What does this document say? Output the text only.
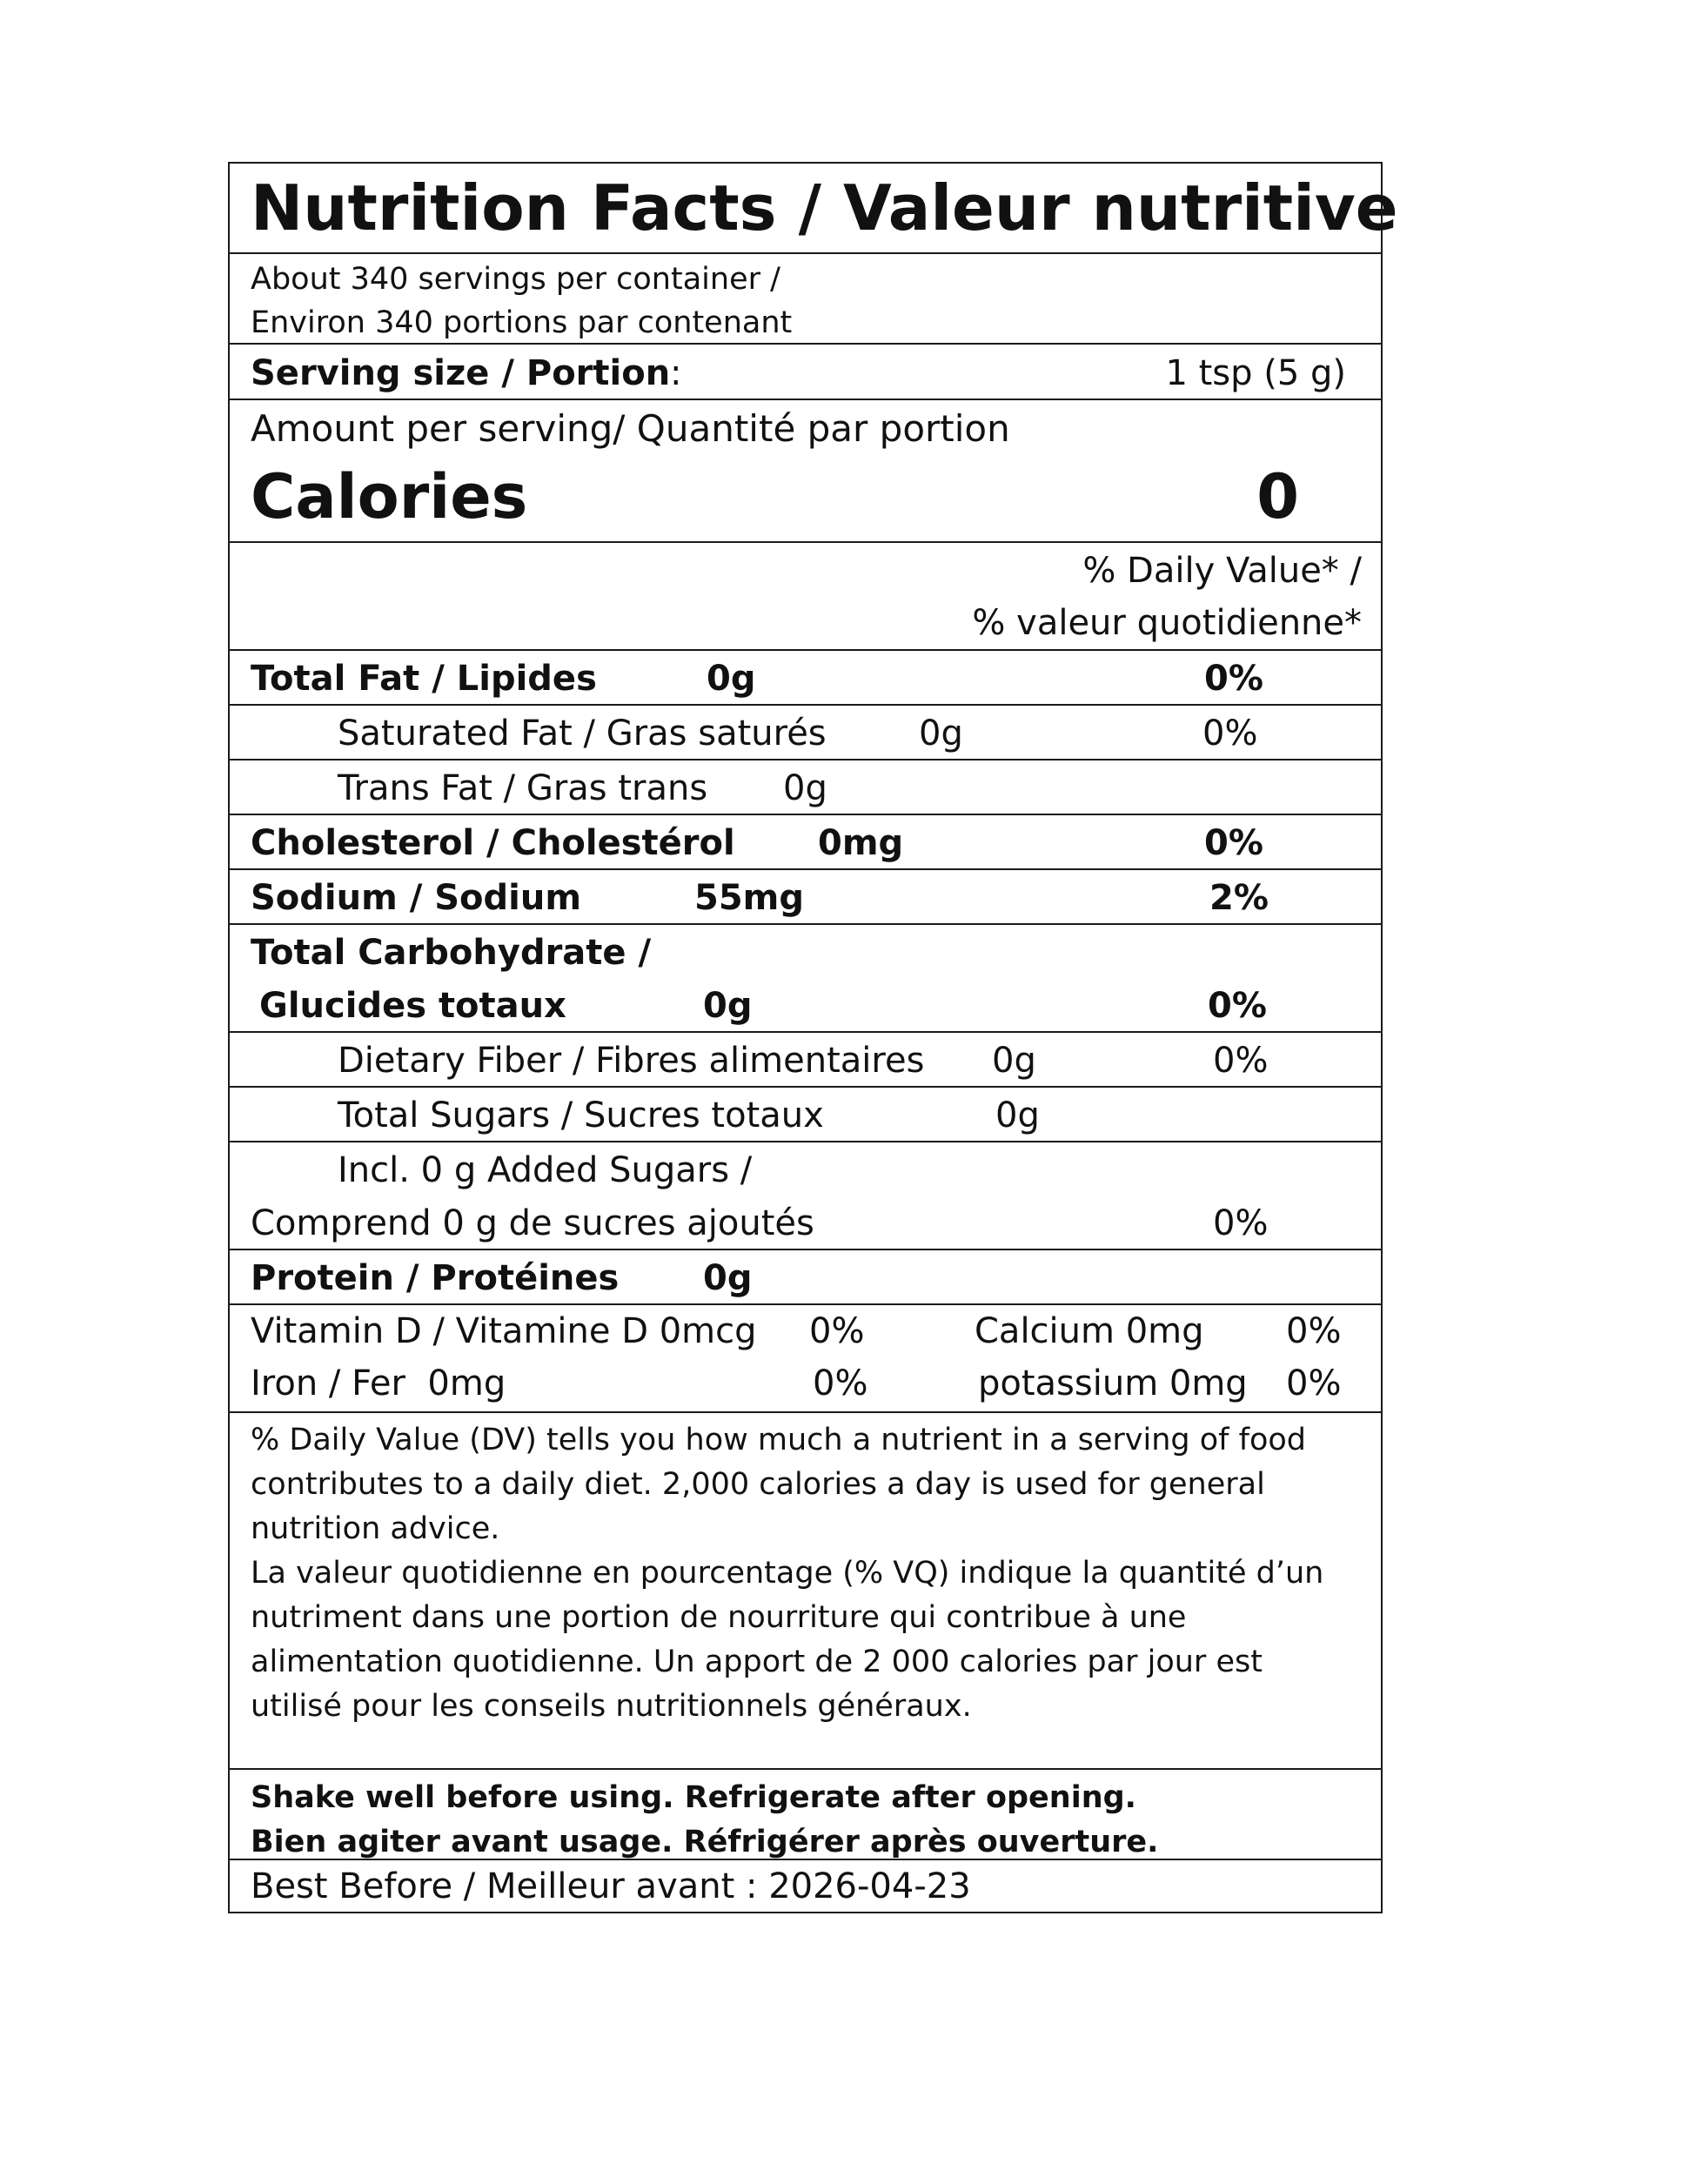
Nutrition Facts / Valeur nutritive
About 340 servings per container /
Environ 340 portions par contenant
Serving size / Portion :	1 tsp (5 g)
Amount per serving/ Quantité par portion
Calories	0
% Daily Value* /
% valeur quotidienne*
Total Fat / Lipides	0g	0%
Saturated Fat / Gras saturés	0g	0%
Trans Fat / Gras trans 0g
Cholesterol / Cholestérol 0mg	0%
Sodium / Sodium	55mg	2%
Total Carbohydrate /
Glucides totaux	0g	0%
Dietary Fiber / Fibres alimentaires 0g	0%
Total Sugars / Sucres totaux	0g
Incl. 0 g Added Sugars /
Comprend 0 g de sucres ajoutés	0%
Protein / Protéines 0g
Vitamin D / Vitamine D 0mcg 0%	Calcium 0mg 0%
Iron / Fer  0mg	0%	potassium 0mg 0%
% Daily Value (DV) tells you how much a nutrient in a serving of food contributes to a daily diet. 2,000 calories a day is used for general nutrition advice.
La valeur quotidienne en pourcentage (% VQ) indique la quantité d’un nutriment dans une portion de nourriture qui contribue à une alimentation quotidienne. Un apport de 2 000 calories par jour est utilisé pour les conseils nutritionnels généraux.
Shake well before using. Refrigerate after opening.
Bien agiter avant usage. Réfrigérer après ouverture.
Best Before / Meilleur avant : 2026-04-23
